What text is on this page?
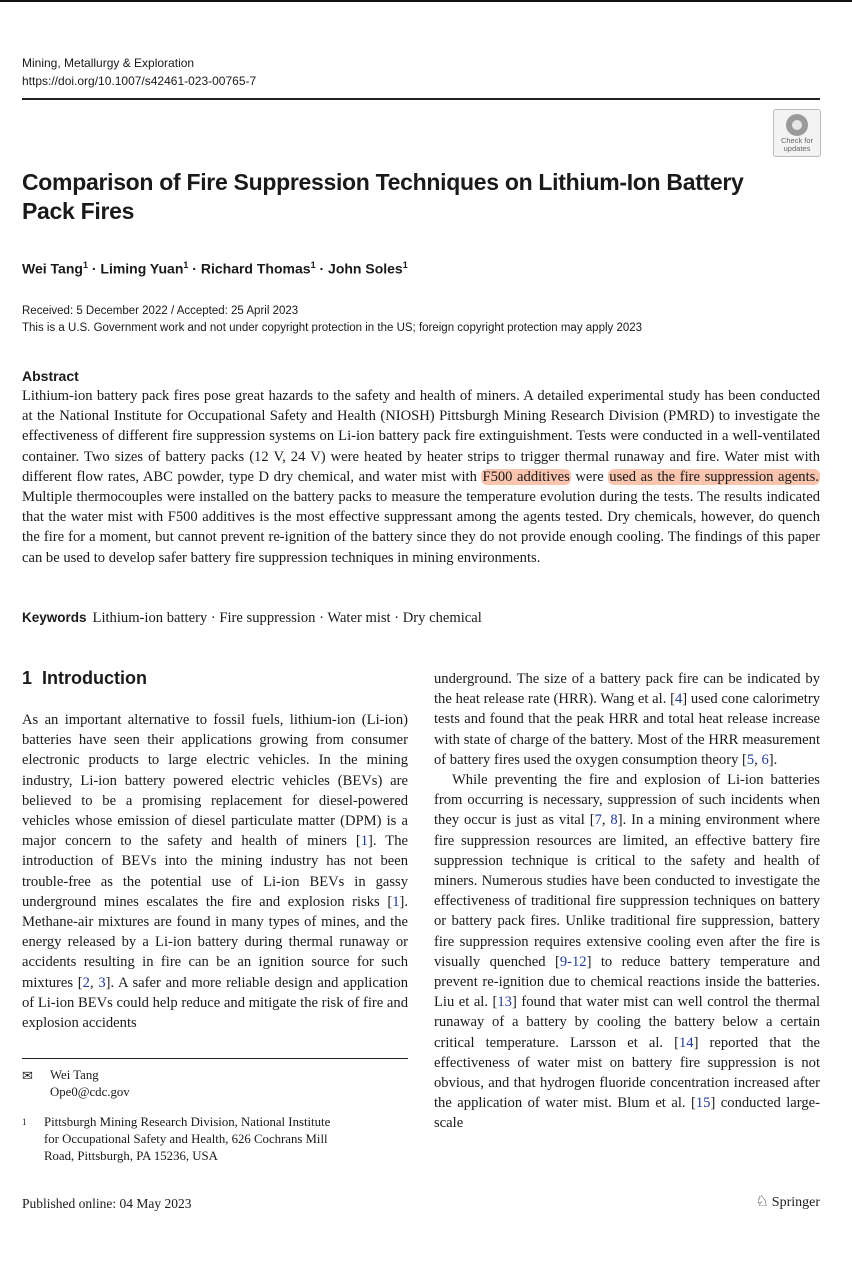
Mining, Metallurgy & Exploration
https://doi.org/10.1007/s42461-023-00765-7
Check for
updates
Comparison of Fire Suppression Techniques on Lithium-Ion Battery
Pack Fires
Wei Tang$^1$ · Liming Yuan$^1$ · Richard Thomas$^1$ · John Soles$^1$
Received: 5 December 2022 / Accepted: 25 April 2023
This is a U.S. Government work and not under copyright protection in the US; foreign copyright protection may apply 2023
Abstract
Lithium-ion battery pack fires pose great hazards to the safety and health of miners. A detailed experimental study has been conducted at the National Institute for Occupational Safety and Health (NIOSH) Pittsburgh Mining Research Division (PMRD) to investigate the effectiveness of different fire suppression systems on Li-ion battery pack fire extinguishment. Tests were conducted in a well-ventilated container. Two sizes of battery packs (12 V, 24 V) were heated by heater strips to trigger thermal runaway and fire. Water mist with different flow rates, ABC powder, type D dry chemical, and water mist with F500 additives were used as the fire suppression agents. Multiple thermocouples were installed on the battery packs to measure the temperature evolution during the tests. The results indicated that the water mist with F500 additives is the most effective suppressant among the agents tested. Dry chemicals, however, do quench the fire for a moment, but cannot prevent re-ignition of the battery since they do not provide enough cooling. The findings of this paper can be used to develop safer battery fire suppression techniques in mining environments.
Keywords Lithium-ion battery · Fire suppression · Water mist · Dry chemical
1 Introduction

As an important alternative to fossil fuels, lithium-ion (Li-ion) batteries have seen their applications growing from consumer electronic products to large electric vehicles. In the mining industry, Li-ion battery powered electric vehicles (BEVs) are believed to be a promising replacement for diesel-powered vehicles whose emission of diesel particulate matter (DPM) is a major concern to the safety and health of miners [1]. The introduction of BEVs into the mining industry has not been trouble-free as the potential use of Li-ion BEVs in gassy underground mines escalates the fire and explosion risks [1]. Methane-air mixtures are found in many types of mines, and the energy released by a Li-ion battery during thermal runaway or accidents resulting in fire can be an ignition source for such mixtures [2, 3]. A safer and more reliable design and application of Li-ion BEVs could help reduce and mitigate the risk of fire and explosion accidents

underground. The size of a battery pack fire can be indicated by the heat release rate (HRR). Wang et al. [4] used cone calorimetry tests and found that the peak HRR and total heat release increase with state of charge of the battery. Most of the HRR measurement of battery fires used the oxygen consumption theory [5, 6].

While preventing the fire and explosion of Li-ion batteries from occurring is necessary, suppression of such incidents when they occur is just as vital [7, 8]. In a mining environment where fire suppression resources are limited, an effective battery fire suppression technique is critical to the safety and health of miners. Numerous studies have been conducted to investigate the effectiveness of traditional fire suppression techniques on battery or battery pack fires. Unlike traditional fire suppression, battery fire suppression requires extensive cooling even after the fire is visually quenched [9-12] to reduce battery temperature and prevent re-ignition due to chemical reactions inside the batteries. Liu et al. [13] found that water mist can well control the thermal runaway of a battery by cooling the battery below a certain critical temperature. Larsson et al. [14] reported that the effectiveness of water mist on battery fire suppression is not obvious, and that hydrogen fluoride concentration increased after the application of water mist. Blum et al. [15] conducted large-scale

✉ Wei Tang
Ope0@cdc.gov
1 Pittsburgh Mining Research Division, National Institute
for Occupational Safety and Health, 626 Cochrans Mill
Road, Pittsburgh, PA 15236, USA
Published online: 04 May 2023	♘ Springer
